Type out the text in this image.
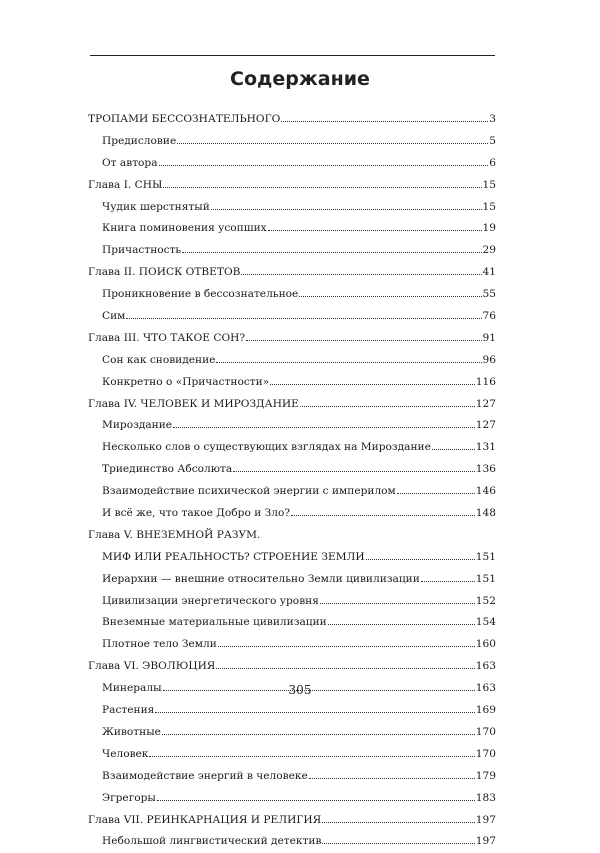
Содержание
ТРОПАМИ БЕССОЗНАТЕЛЬНОГО	3
Предисловие	5
От автора	6
Глава I. СНЫ	15
Чудик шерстнятый	15
Книга поминовения усопших	19
Причастность	29
Глава II. ПОИСК ОТВЕТОВ	41
Проникновение в бессознательное	55
Сим	76
Глава III. ЧТО ТАКОЕ СОН?	91
Сон как сновидение	96
Конкретно о «Причастности»	116
Глава IV. ЧЕЛОВЕК И МИРОЗДАНИЕ	127
Мироздание	127
Несколько слов о существующих взглядах на Мироздание	131
Триединство Абсолюта	136
Взаимодействие психической энергии с империлом	146
И всё же, что такое Добро и Зло?	148
Глава V. ВНЕЗЕМНОЙ РАЗУМ.
МИФ ИЛИ РЕАЛЬНОСТЬ? СТРОЕНИЕ ЗЕМЛИ	151
Иерархии — внешние относительно Земли цивилизации	151
Цивилизации энергетического уровня	152
Внеземные материальные цивилизации	154
Плотное тело Земли	160
Глава VI. ЭВОЛЮЦИЯ	163
Минералы	163
Растения	169
Животные	170
Человек	170
Взаимодействие энергий в человеке	179
Эгрегоры	183
Глава VII. РЕИНКАРНАЦИЯ И РЕЛИГИЯ	197
Небольшой лингвистический детектив	197
305
